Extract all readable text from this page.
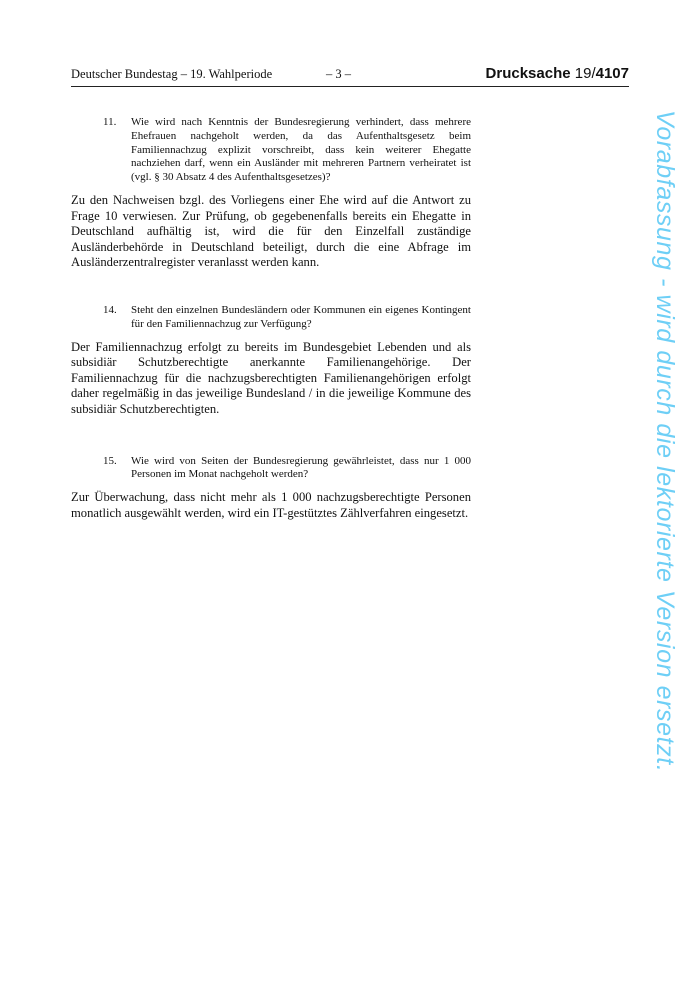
Deutscher Bundestag – 19. Wahlperiode	– 3 –	Drucksache 19/4107
11. Wie wird nach Kenntnis der Bundesregierung verhindert, dass mehrere Ehefrauen nachgeholt werden, da das Aufenthaltsgesetz beim Familiennachzug explizit vorschreibt, dass kein weiterer Ehegatte nachziehen darf, wenn ein Ausländer mit mehreren Partnern verheiratet ist (vgl. § 30 Absatz 4 des Aufenthaltsgesetzes)?
Zu den Nachweisen bzgl. des Vorliegens einer Ehe wird auf die Antwort zu Frage 10 verwiesen. Zur Prüfung, ob gegebenenfalls bereits ein Ehegatte in Deutschland aufhältig ist, wird die für den Einzelfall zuständige Ausländerbehörde in Deutschland beteiligt, durch die eine Abfrage im Ausländerzentralregister veranlasst werden kann.
14. Steht den einzelnen Bundesländern oder Kommunen ein eigenes Kontingent für den Familiennachzug zur Verfügung?
Der Familiennachzug erfolgt zu bereits im Bundesgebiet Lebenden und als subsidiär Schutzberechtigte anerkannte Familienangehörige. Der Familiennachzug für die nachzugsberechtigten Familienangehörigen erfolgt daher regelmäßig in das jeweilige Bundesland / in die jeweilige Kommune des subsidiär Schutzberechtigten.
15. Wie wird von Seiten der Bundesregierung gewährleistet, dass nur 1 000 Personen im Monat nachgeholt werden?
Zur Überwachung, dass nicht mehr als 1 000 nachzugsberechtigte Personen monatlich ausgewählt werden, wird ein IT-gestütztes Zählverfahren eingesetzt.	Vorabfassung - wird durch die lektorierte Version ersetzt.
